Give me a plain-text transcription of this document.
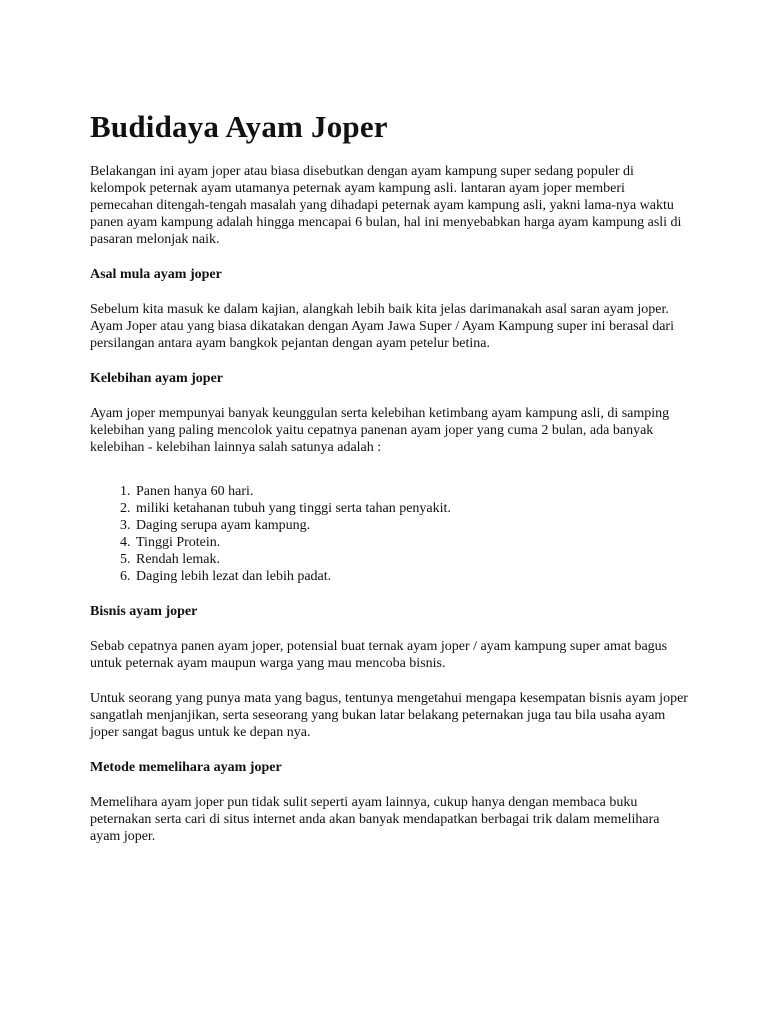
Budidaya Ayam Joper

Belakangan ini ayam joper atau biasa disebutkan dengan ayam kampung super sedang populer di kelompok peternak ayam utamanya peternak ayam kampung asli. lantaran ayam joper memberi pemecahan ditengah-tengah masalah yang dihadapi peternak ayam kampung asli, yakni lama-nya waktu panen ayam kampung adalah hingga mencapai 6 bulan, hal ini menyebabkan harga ayam kampung asli di pasaran melonjak naik.

Asal mula ayam joper

Sebelum kita masuk ke dalam kajian, alangkah lebih baik kita jelas darimanakah asal saran ayam joper. Ayam Joper atau yang biasa dikatakan dengan Ayam Jawa Super / Ayam Kampung super ini berasal dari persilangan antara ayam bangkok pejantan dengan ayam petelur betina.

Kelebihan ayam joper

Ayam joper mempunyai banyak keunggulan serta kelebihan ketimbang ayam kampung asli, di samping kelebihan yang paling mencolok yaitu cepatnya panenan ayam joper yang cuma 2 bulan, ada banyak kelebihan - kelebihan lainnya salah satunya adalah :

1. Panen hanya 60 hari.
2. miliki ketahanan tubuh yang tinggi serta tahan penyakit.
3. Daging serupa ayam kampung.
4. Tinggi Protein.
5. Rendah lemak.
6. Daging lebih lezat dan lebih padat.
Bisnis ayam joper

Sebab cepatnya panen ayam joper, potensial buat ternak ayam joper / ayam kampung super amat bagus untuk peternak ayam maupun warga yang mau mencoba bisnis.

Untuk seorang yang punya mata yang bagus, tentunya mengetahui mengapa kesempatan bisnis ayam joper sangatlah menjanjikan, serta seseorang yang bukan latar belakang peternakan juga tau bila usaha ayam joper sangat bagus untuk ke depan nya.

Metode memelihara ayam joper

Memelihara ayam joper pun tidak sulit seperti ayam lainnya, cukup hanya dengan membaca buku peternakan serta cari di situs internet anda akan banyak mendapatkan berbagai trik dalam memelihara ayam joper.
